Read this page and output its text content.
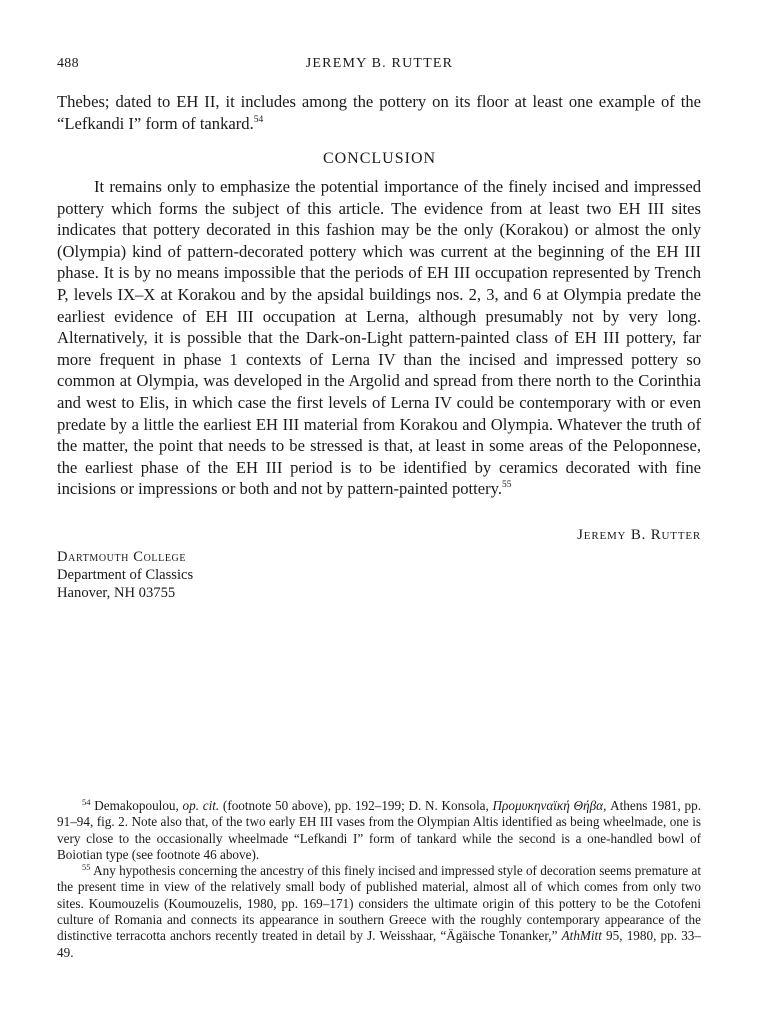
488	JEREMY B. RUTTER
Thebes; dated to EH II, it includes among the pottery on its floor at least one example of the “Lefkandi I” form of tankard.$^{54}$
CONCLUSION
It remains only to emphasize the potential importance of the finely incised and impressed pottery which forms the subject of this article. The evidence from at least two EH III sites indicates that pottery decorated in this fashion may be the only (Korakou) or almost the only (Olympia) kind of pattern-decorated pottery which was current at the beginning of the EH III phase. It is by no means impossible that the periods of EH III occupation represented by Trench P, levels IX–X at Korakou and by the apsidal buildings nos. 2, 3, and 6 at Olympia predate the earliest evidence of EH III occupation at Lerna, although presumably not by very long. Alternatively, it is possible that the Dark-on-Light pattern-painted class of EH III pottery, far more frequent in phase 1 contexts of Lerna IV than the incised and impressed pottery so common at Olympia, was developed in the Argolid and spread from there north to the Corinthia and west to Elis, in which case the first levels of Lerna IV could be contemporary with or even predate by a little the earliest EH III material from Korakou and Olympia. Whatever the truth of the matter, the point that needs to be stressed is that, at least in some areas of the Peloponnese, the earliest phase of the EH III period is to be identified by ceramics decorated with fine incisions or impressions or both and not by pattern-painted pottery.$^{55}$
Jeremy B. Rutter
Dartmouth College
Department of Classics
Hanover, NH 03755

$^{54}$ Demakopoulou, op. cit. (footnote 50 above), pp. 192–199; D. N. Konsola, Προμυκηναϊκή Θήβα, Athens 1981, pp. 91–94, fig. 2. Note also that, of the two early EH III vases from the Olympian Altis identified as being wheelmade, one is very close to the occasionally wheelmade “Lefkandi I” form of tankard while the second is a one-handled bowl of Boiotian type (see footnote 46 above).

$^{55}$ Any hypothesis concerning the ancestry of this finely incised and impressed style of decoration seems premature at the present time in view of the relatively small body of published material, almost all of which comes from only two sites. Koumouzelis (Koumouzelis, 1980, pp. 169–171) considers the ultimate origin of this pottery to be the Cotofeni culture of Romania and connects its appearance in southern Greece with the roughly contemporary appearance of the distinctive terracotta anchors recently treated in detail by J. Weisshaar, “Ägäische Tonanker,” AthMitt 95, 1980, pp. 33–49.
